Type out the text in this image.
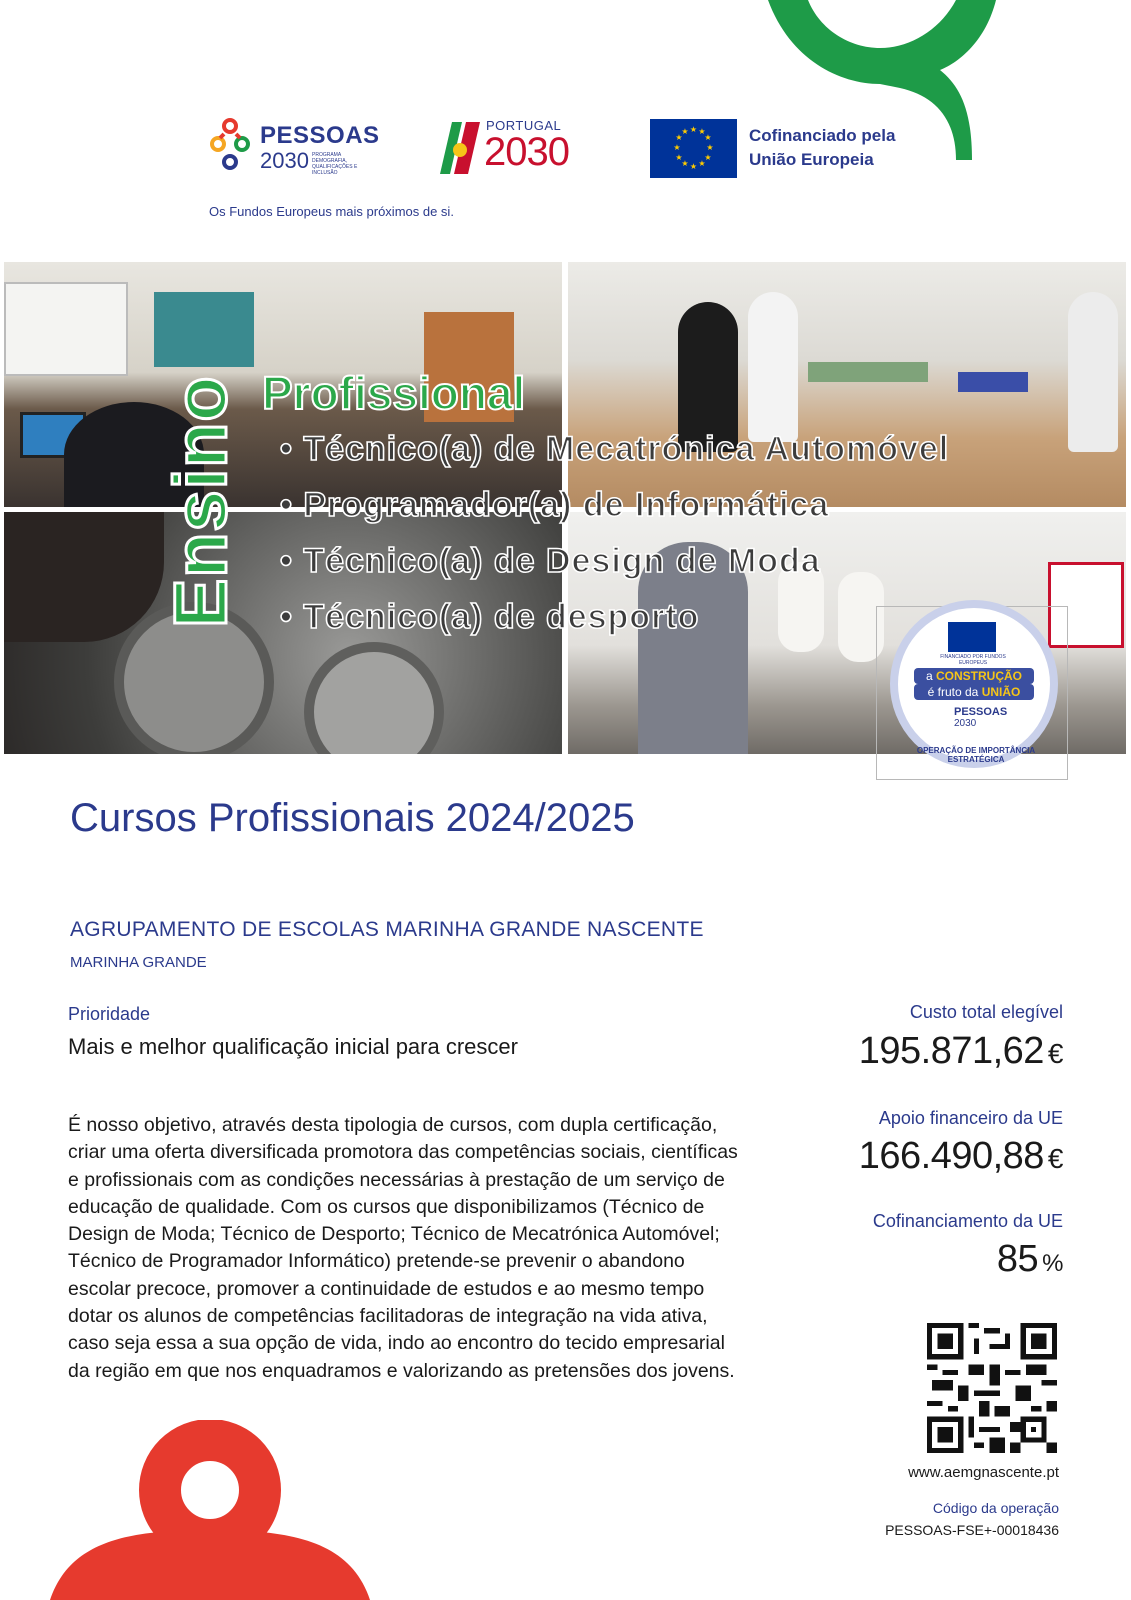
PESSOAS
2030 PROGRAMA DEMOGRAFIA, QUALIFICAÇÕES E INCLUSÃO
Os Fundos Europeus mais próximos de si.
PORTUGAL
2030
★ ★
★
★
★
★
★
★
★
★
★
★	Cofinanciado pela
União Europeia
Ensino Profissional
• Técnico(a) de Mecatrónica Automóvel
• Programador(a) de Informática
• Técnico(a) de Design de Moda
• Técnico(a) de desporto
FINANCIADO POR FUNDOS EUROPEUS
a CONSTRUÇÃO
é fruto da UNIÃO
PESSOAS
2030
OPERAÇÃO DE IMPORTÂNCIA ESTRATÉGICA
Cursos Profissionais 2024/2025
AGRUPAMENTO DE ESCOLAS MARINHA GRANDE NASCENTE
MARINHA GRANDE
Prioridade
Mais e melhor qualificação inicial para crescer
É nosso objetivo, através desta tipologia de cursos, com dupla certificação, criar uma oferta diversificada promotora das competências sociais, científicas e profissionais com as condições necessárias à prestação de um serviço de educação de qualidade. Com os cursos que disponibilizamos (Técnico de Design de Moda; Técnico de Desporto; Técnico de Mecatrónica Automóvel; Técnico de Programador Informático) pretende-se prevenir o abandono escolar precoce, promover a continuidade de estudos e ao mesmo tempo dotar os alunos de competências facilitadoras de integração na vida ativa, caso seja essa a sua opção de vida, indo ao encontro do tecido empresarial da região em que nos enquadramos e valorizando as pretensões dos jovens.
Custo total elegível
195.871,62 €
Apoio financeiro da UE
166.490,88 €
Cofinanciamento da UE
85 %
www.aemgnascente.pt
Código da operação
PESSOAS-FSE+-00018436
